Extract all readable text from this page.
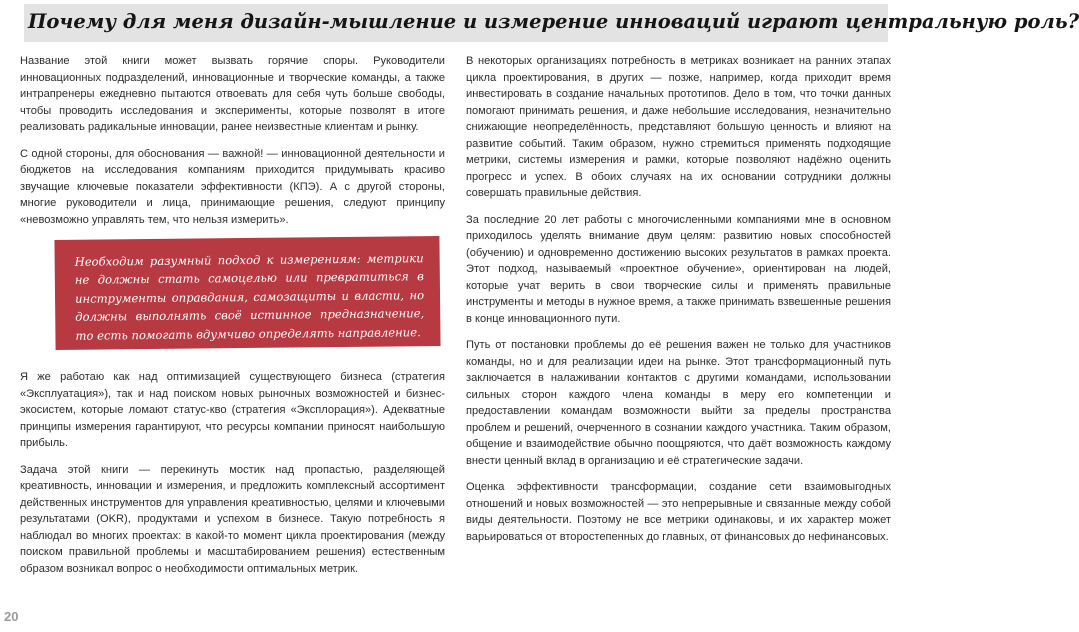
Почему для меня дизайн-мышление и измерение инноваций играют центральную роль?

Название этой книги может вызвать горячие споры. Руководители инновационных подразделений, инновационные и творческие команды, а также интрапренеры ежедневно пытаются отвоевать для себя чуть больше свободы, чтобы проводить исследования и эксперименты, которые позволят в итоге реализовать радикальные инновации, ранее неизвестные клиентам и рынку.

С одной стороны, для обоснования — важной! — инновационной деятельности и бюджетов на исследования компаниям приходится придумывать красиво звучащие ключевые показатели эффективности (КПЭ). А с другой стороны, многие руководители и лица, принимающие решения, следуют принципу «невозможно управлять тем, что нельзя измерить».

Необходим разумный подход к измерениям: метрики не должны стать самоцелью или превратиться в инструменты оправдания, самозащиты и власти, но должны выполнять своё истинное предназначение, то есть помогать вдумчиво определять направление.

Я же работаю как над оптимизацией существующего бизнеса (стратегия «Эксплуатация»), так и над поиском новых рыночных возможностей и бизнес-экосистем, которые ломают статус-кво (стратегия «Эксплорация»). Адекватные принципы измерения гарантируют, что ресурсы компании приносят наибольшую прибыль.

Задача этой книги — перекинуть мостик над пропастью, разделяющей креативность, инновации и измерения, и предложить комплексный ассортимент действенных инструментов для управления креативностью, целями и ключевыми результатами (OKR), продуктами и успехом в бизнесе. Такую потребность я наблюдал во многих проектах: в какой-то момент цикла проектирования (между поиском правильной проблемы и масштабированием решения) естественным образом возникал вопрос о необходимости оптимальных метрик.

В некоторых организациях потребность в метриках возникает на ранних этапах цикла проектирования, в других — позже, например, когда приходит время инвестировать в создание начальных прототипов. Дело в том, что точки данных помогают принимать решения, и даже небольшие исследования, незначительно снижающие неопределённость, представляют большую ценность и влияют на развитие событий. Таким образом, нужно стремиться применять подходящие метрики, системы измерения и рамки, которые позволяют надёжно оценить прогресс и успех. В обоих случаях на их основании сотрудники должны совершать правильные действия.

За последние 20 лет работы с многочисленными компаниями мне в основном приходилось уделять внимание двум целям: развитию новых способностей (обучению) и одновременно достижению высоких результатов в рамках проекта. Этот подход, называемый «проектное обучение», ориентирован на людей, которые учат верить в свои творческие силы и применять правильные инструменты и методы в нужное время, а также принимать взвешенные решения в конце инновационного пути.

Путь от постановки проблемы до её решения важен не только для участников команды, но и для реализации идеи на рынке. Этот трансформационный путь заключается в налаживании контактов с другими командами, использовании сильных сторон каждого члена команды в меру его компетенции и предоставлении командам возможности выйти за пределы пространства проблем и решений, очерченного в сознании каждого участника. Таким образом, общение и взаимодействие обычно поощряются, что даёт возможность каждому внести ценный вклад в организацию и её стратегические задачи.

Оценка эффективности трансформации, создание сети взаимовыгодных отношений и новых возможностей — это непрерывные и связанные между собой виды деятельности. Поэтому не все метрики одинаковы, и их характер может варьироваться от второстепенных до главных, от финансовых до нефинансовых.

20
